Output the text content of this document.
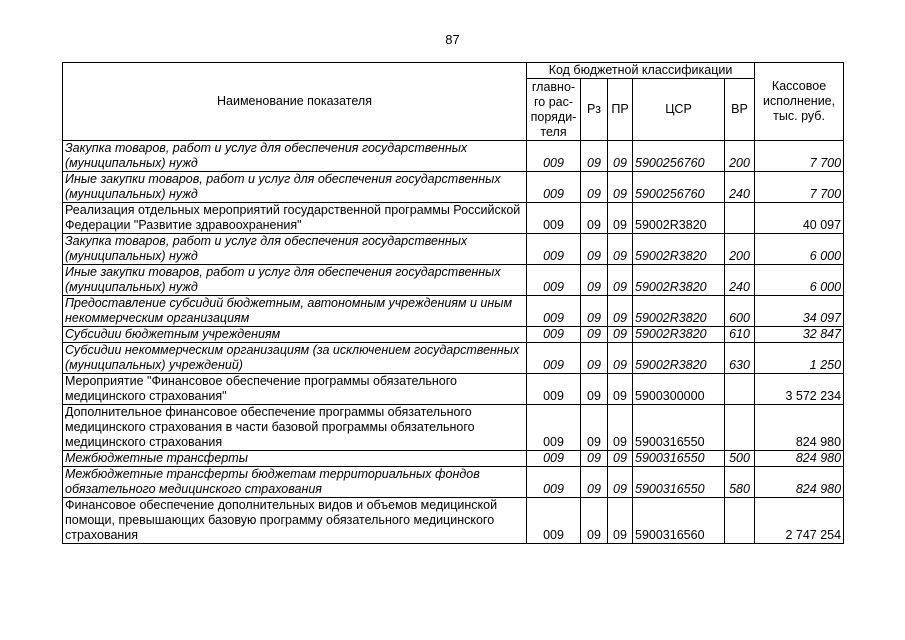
87
Наименование показателя	Код бюджетной классификации					Кассовое исполнение, тыс. руб.
	главно-го рас-поряди-теля	Рз	ПР	ЦСР	ВР	
Закупка товаров, работ и услуг для обеспечения государственных (муниципальных) нужд	009	09	09	5900256760	200	7 700
Иные закупки товаров, работ и услуг для обеспечения государственных (муниципальных) нужд	009	09	09	5900256760	240	7 700
Реализация отдельных мероприятий государственной программы Российской Федерации "Развитие здравоохранения"	009	09	09	59002R3820		40 097
Закупка товаров, работ и услуг для обеспечения государственных (муниципальных) нужд	009	09	09	59002R3820	200	6 000
Иные закупки товаров, работ и услуг для обеспечения государственных (муниципальных) нужд	009	09	09	59002R3820	240	6 000
Предоставление субсидий бюджетным, автономным учреждениям и иным некоммерческим организациям	009	09	09	59002R3820	600	34 097
Субсидии бюджетным учреждениям	009	09	09	59002R3820	610	32 847
Субсидии некоммерческим организациям (за исключением государственных (муниципальных) учреждений)	009	09	09	59002R3820	630	1 250
Мероприятие "Финансовое обеспечение программы обязательного медицинского страхования"	009	09	09	5900300000		3 572 234
Дополнительное финансовое обеспечение программы обязательного медицинского страхования в части базовой программы обязательного медицинского страхования	009	09	09	5900316550		824 980
Межбюджетные трансферты	009	09	09	5900316550	500	824 980
Межбюджетные трансферты бюджетам территориальных фондов обязательного медицинского страхования	009	09	09	5900316550	580	824 980
Финансовое обеспечение дополнительных видов и объемов медицинской помощи, превышающих базовую программу обязательного медицинского страхования	009	09	09	5900316560		2 747 254
